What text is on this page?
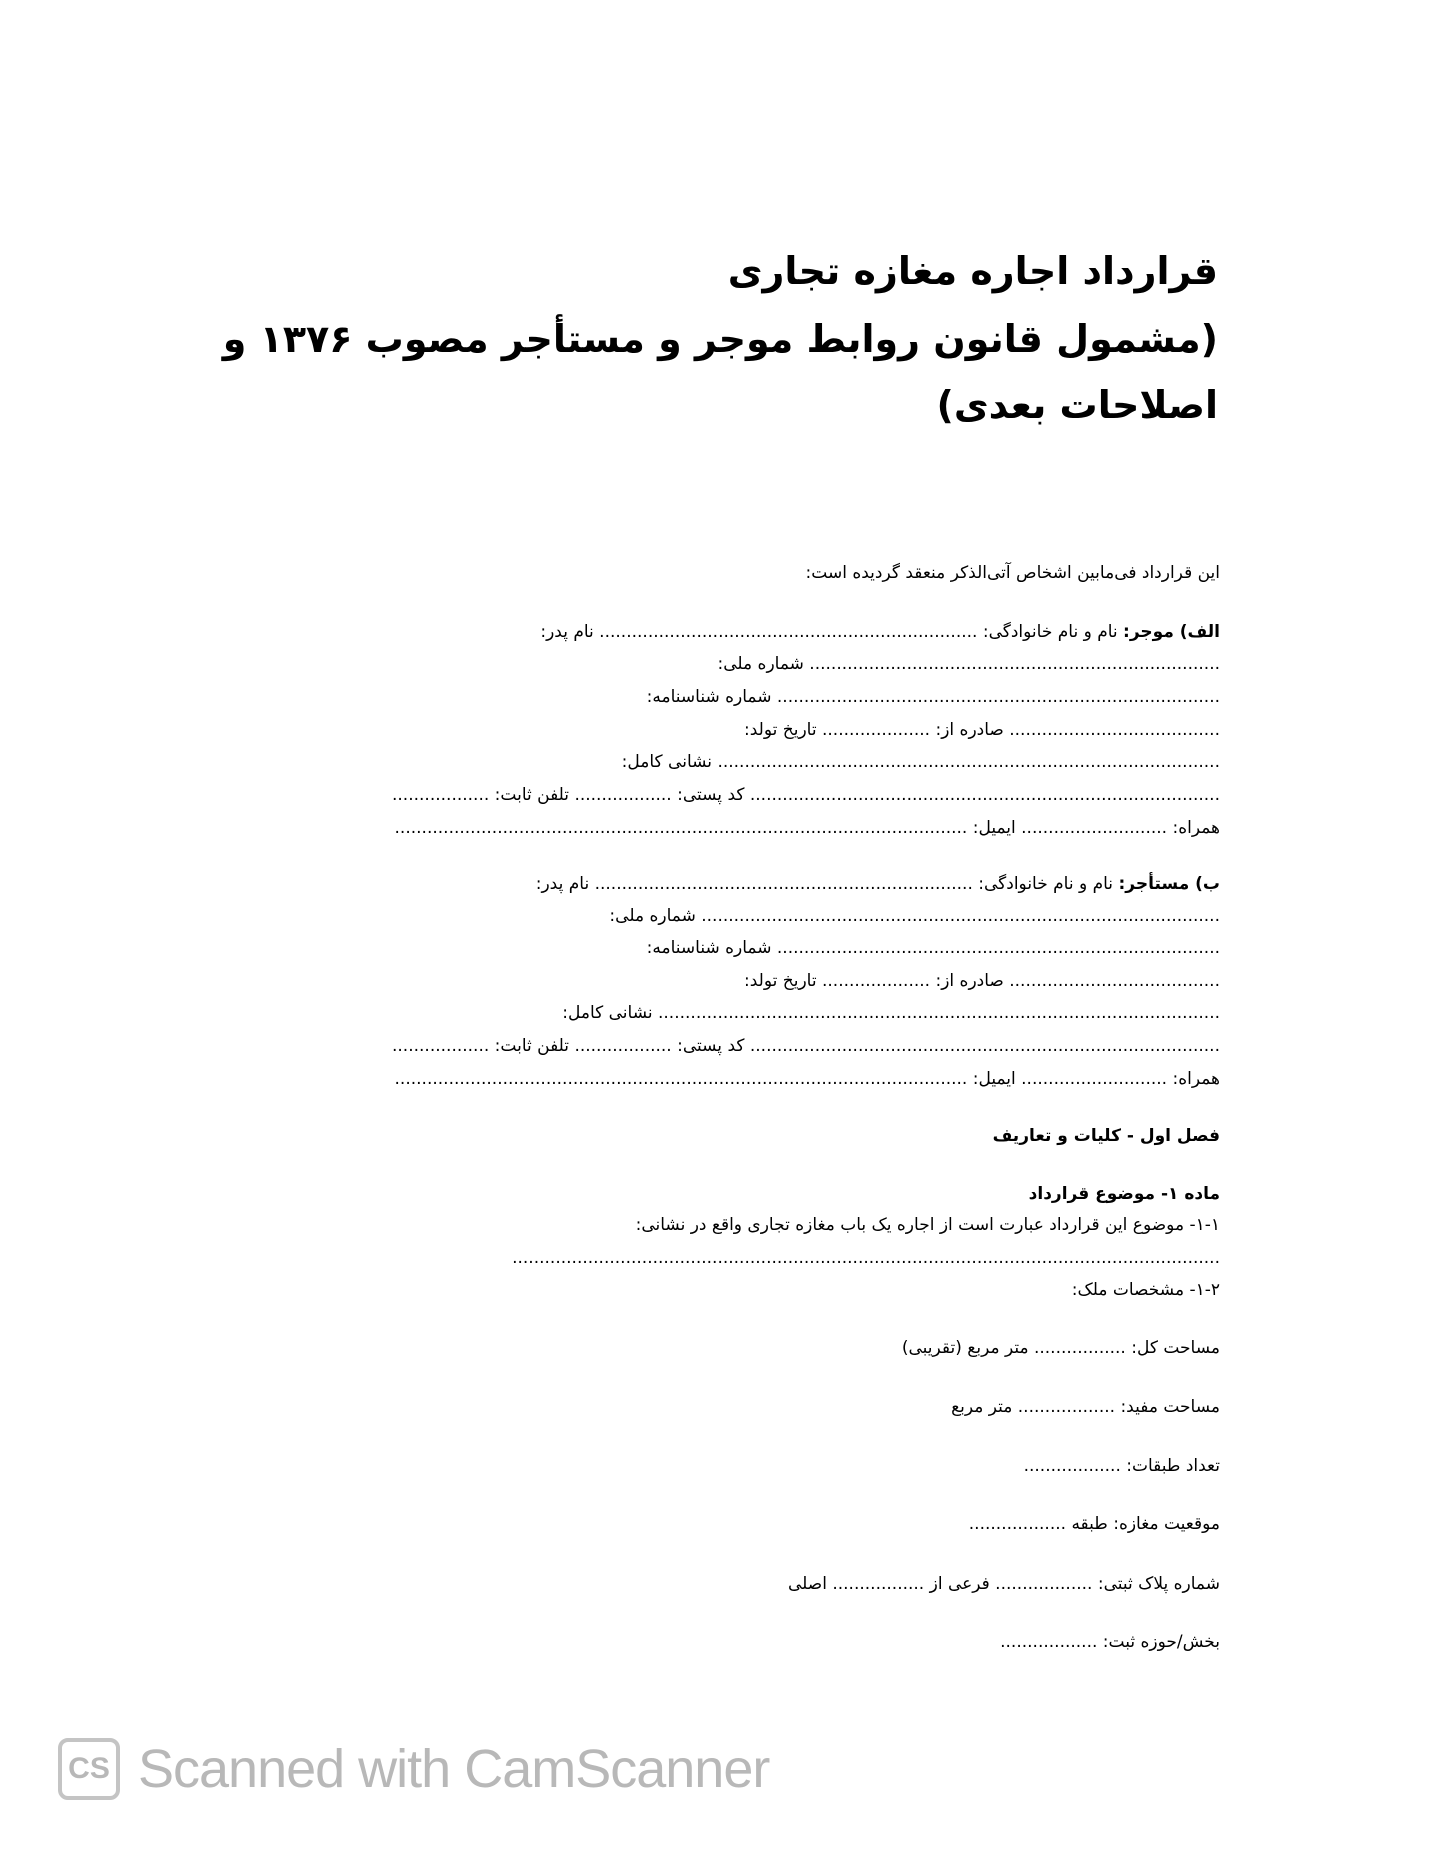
قرارداد اجاره مغازه تجاری
(مشمول قانون روابط موجر و مستأجر مصوب ۱۳۷۶ و
اصلاحات بعدی)
این قرارداد فی‌مابین اشخاص آتی‌الذکر منعقد گردیده است:
الف) موجر: نام و نام خانوادگی: ...................................................................... نام پدر:
............................................................................ شماره ملی:
.................................................................................. شماره شناسنامه:
....................................... صادره از: .................... تاریخ تولد:
............................................................................................. نشانی کامل:
....................................................................................... کد پستی: .................. تلفن ثابت: ..................
همراه: ........................... ایمیل: ..........................................................................................................
ب) مستأجر: نام و نام خانوادگی: ...................................................................... نام پدر:
................................................................................................ شماره ملی:
.................................................................................. شماره شناسنامه:
....................................... صادره از: .................... تاریخ تولد:
........................................................................................................ نشانی کامل:
....................................................................................... کد پستی: .................. تلفن ثابت: ..................
همراه: ........................... ایمیل: ..........................................................................................................
فصل اول - کلیات و تعاریف
ماده ۱- موضوع قرارداد
۱-۱- موضوع این قرارداد عبارت است از اجاره یک باب مغازه تجاری واقع در نشانی:
...................................................................................................................................
۱-۲- مشخصات ملک:
مساحت کل: ................. متر مربع (تقریبی)
مساحت مفید: .................. متر مربع
تعداد طبقات: ..................
موقعیت مغازه: طبقه ..................
شماره پلاک ثبتی: .................. فرعی از ................. اصلی
بخش/حوزه ثبت: ..................
CS Scanned with CamScanner
